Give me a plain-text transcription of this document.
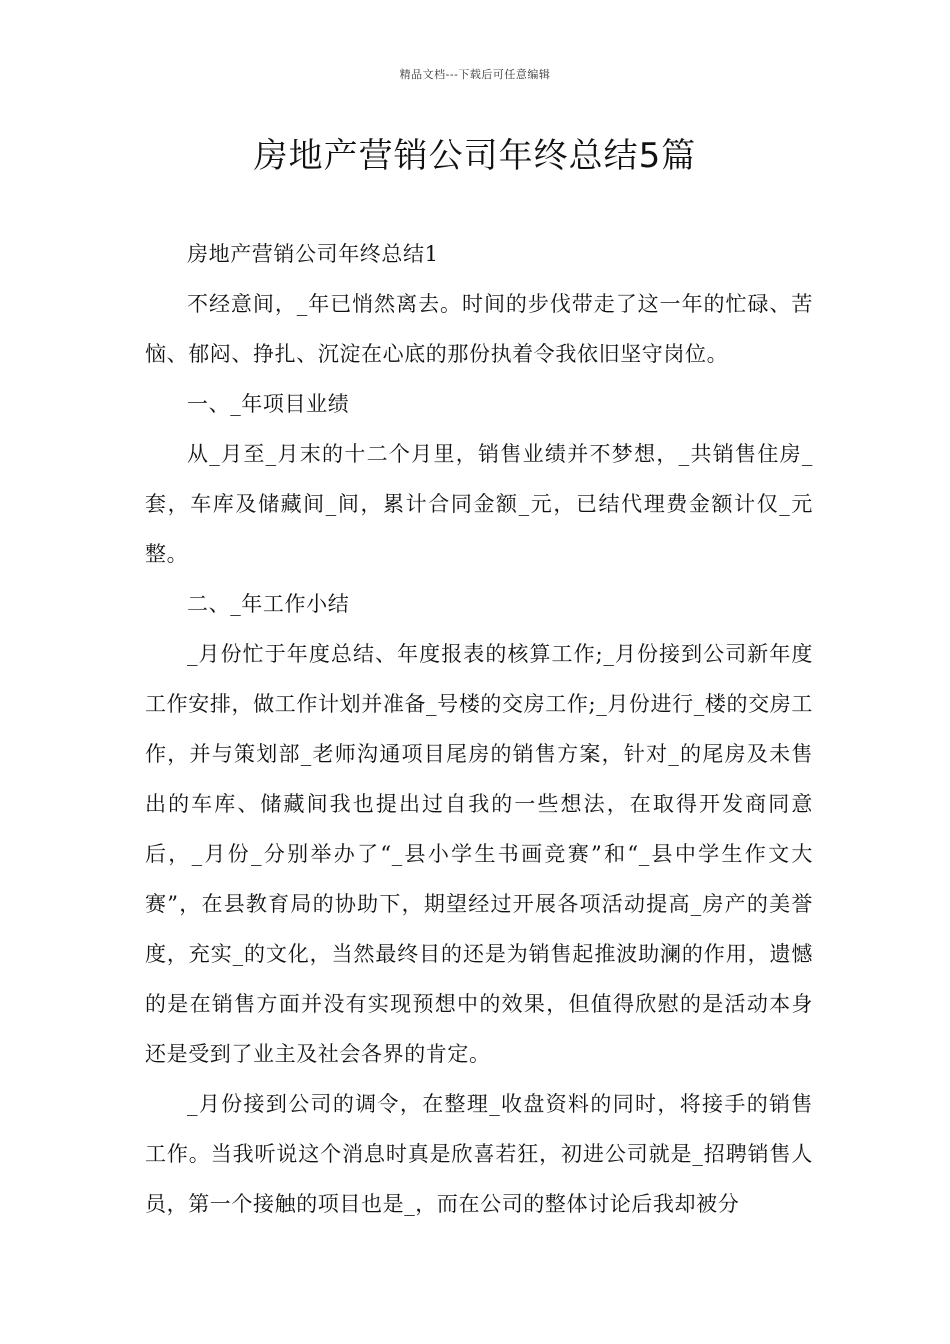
精品文档---下载后可任意编辑
房地产营销公司年终总结5篇

房地产营销公司年终总结1

不经意间，_年已悄然离去。时间的步伐带走了这一年的忙碌、苦恼、郁闷、挣扎、沉淀在心底的那份执着令我依旧坚守岗位。

一、_年项目业绩

从_月至_月末的十二个月里，销售业绩并不梦想，_共销售住房_套，车库及储藏间_间，累计合同金额_元，已结代理费金额计仅_元整。

二、_年工作小结

_月份忙于年度总结、年度报表的核算工作;_月份接到公司新年度工作安排，做工作计划并准备_号楼的交房工作;_月份进行_楼的交房工作，并与策划部_老师沟通项目尾房的销售方案，针对_的尾房及未售出的车库、储藏间我也提出过自我的一些想法，在取得开发商同意后，_月份_分别举办了“_县小学生书画竞赛”和“_县中学生作文大赛”，在县教育局的协助下，期望经过开展各项活动提高_房产的美誉度，充实_的文化，当然最终目的还是为销售起推波助澜的作用，遗憾的是在销售方面并没有实现预想中的效果，但值得欣慰的是活动本身还是受到了业主及社会各界的肯定。

_月份接到公司的调令，在整理_收盘资料的同时，将接手的销售工作。当我听说这个消息时真是欣喜若狂，初进公司就是_招聘销售人员，第一个接触的项目也是_，而在公司的整体讨论后我却被分
